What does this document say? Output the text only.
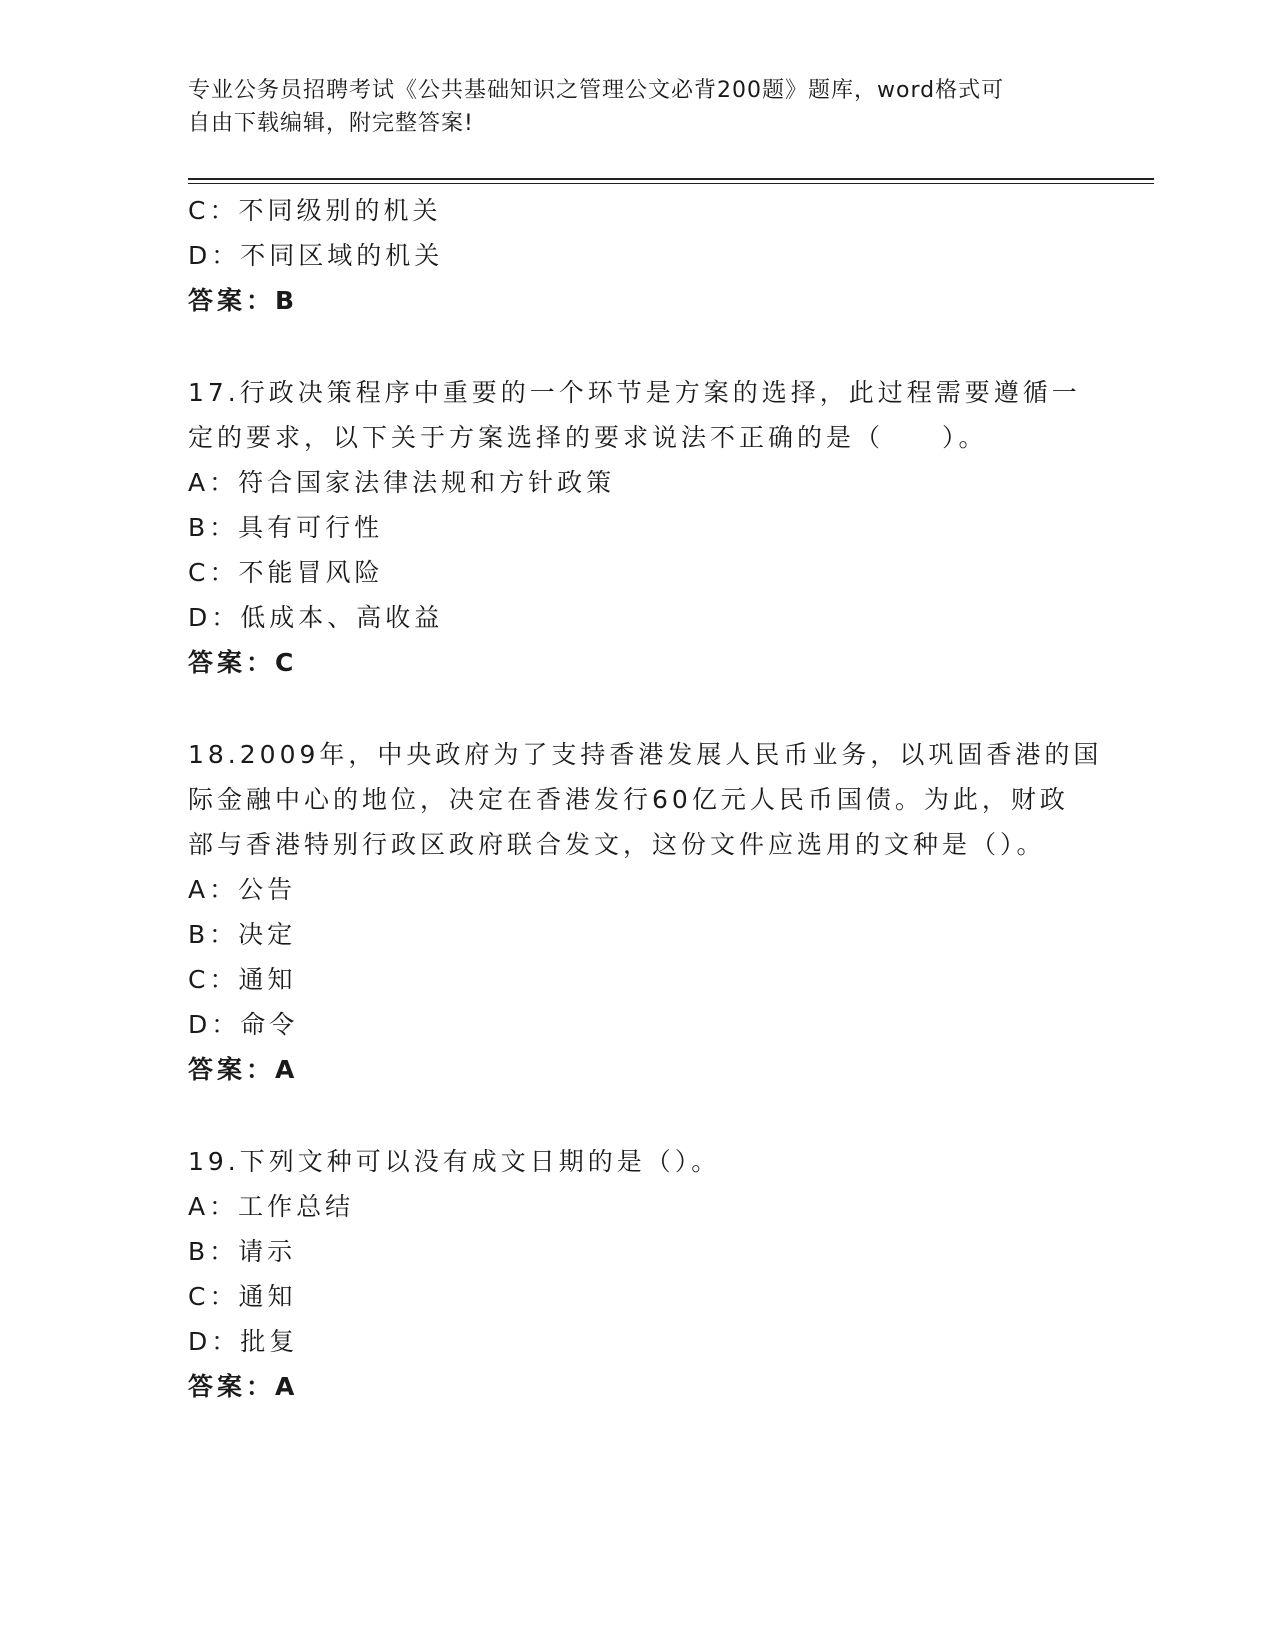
专业公务员招聘考试《公共基础知识之管理公文必背200题》题库，word格式可
自由下载编辑，附完整答案!
C：不同级别的机关
D：不同区域的机关
答案：B
17.行政决策程序中重要的一个环节是方案的选择，此过程需要遵循一
定的要求，以下关于方案选择的要求说法不正确的是（　　）。
A：符合国家法律法规和方针政策
B：具有可行性
C：不能冒风险
D：低成本、高收益
答案：C
18.2009年，中央政府为了支持香港发展人民币业务，以巩固香港的国
际金融中心的地位，决定在香港发行60亿元人民币国债。为此，财政
部与香港特别行政区政府联合发文，这份文件应选用的文种是（）。
A：公告
B：决定
C：通知
D：命令
答案：A
19.下列文种可以没有成文日期的是（）。
A：工作总结
B：请示
C：通知
D：批复
答案：A
